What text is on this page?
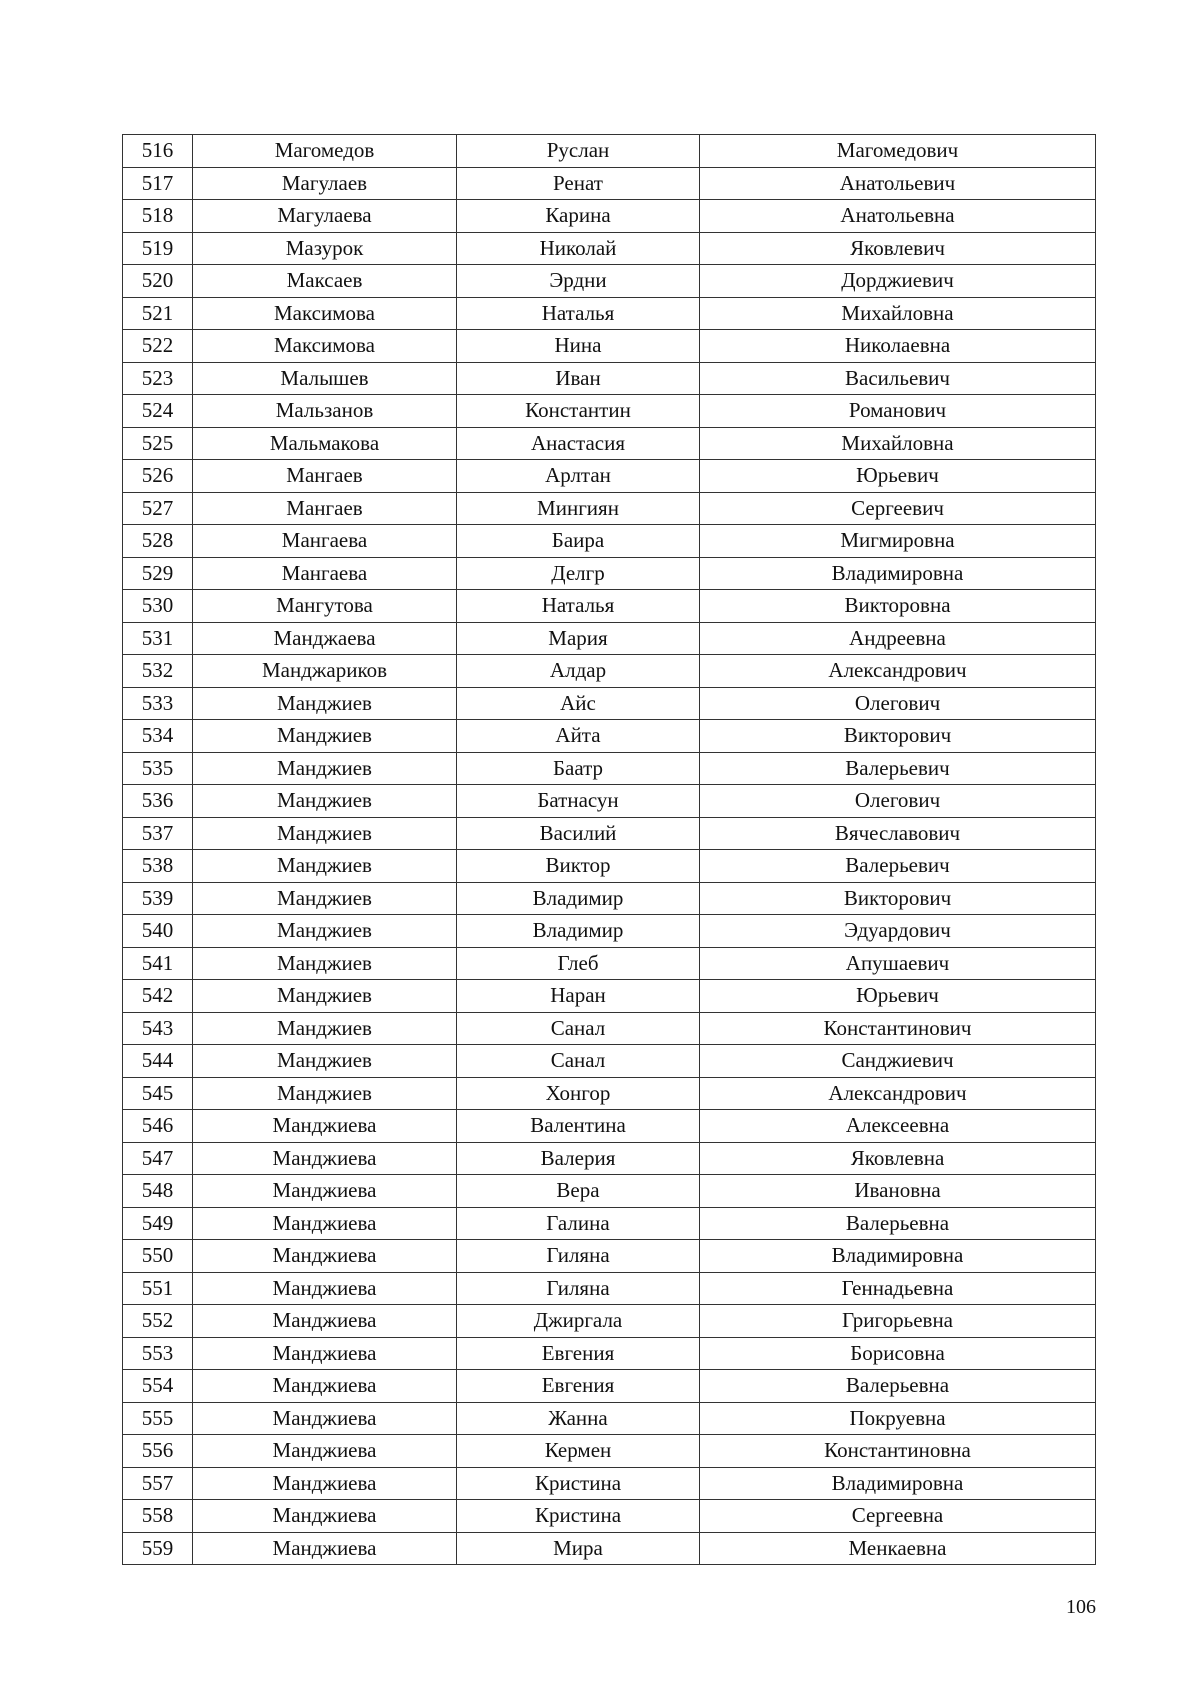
516	Магомедов	Руслан	Магомедович
517	Магулаев	Ренат	Анатольевич
518	Магулаева	Карина	Анатольевна
519	Мазурок	Николай	Яковлевич
520	Максаев	Эрдни	Дорджиевич
521	Максимова	Наталья	Михайловна
522	Максимова	Нина	Николаевна
523	Малышев	Иван	Васильевич
524	Мальзанов	Константин	Романович
525	Мальмакова	Анастасия	Михайловна
526	Мангаев	Арлтан	Юрьевич
527	Мангаев	Мингиян	Сергеевич
528	Мангаева	Баира	Мигмировна
529	Мангаева	Делгр	Владимировна
530	Мангутова	Наталья	Викторовна
531	Манджаева	Мария	Андреевна
532	Манджариков	Алдар	Александрович
533	Манджиев	Айс	Олегович
534	Манджиев	Айта	Викторович
535	Манджиев	Баатр	Валерьевич
536	Манджиев	Батнасун	Олегович
537	Манджиев	Василий	Вячеславович
538	Манджиев	Виктор	Валерьевич
539	Манджиев	Владимир	Викторович
540	Манджиев	Владимир	Эдуардович
541	Манджиев	Глеб	Апушаевич
542	Манджиев	Наран	Юрьевич
543	Манджиев	Санал	Константинович
544	Манджиев	Санал	Санджиевич
545	Манджиев	Хонгор	Александрович
546	Манджиева	Валентина	Алексеевна
547	Манджиева	Валерия	Яковлевна
548	Манджиева	Вера	Ивановна
549	Манджиева	Галина	Валерьевна
550	Манджиева	Гиляна	Владимировна
551	Манджиева	Гиляна	Геннадьевна
552	Манджиева	Джиргала	Григорьевна
553	Манджиева	Евгения	Борисовна
554	Манджиева	Евгения	Валерьевна
555	Манджиева	Жанна	Покруевна
556	Манджиева	Кермен	Константиновна
557	Манджиева	Кристина	Владимировна
558	Манджиева	Кристина	Сергеевна
559	Манджиева	Мира	Менкаевна
106
